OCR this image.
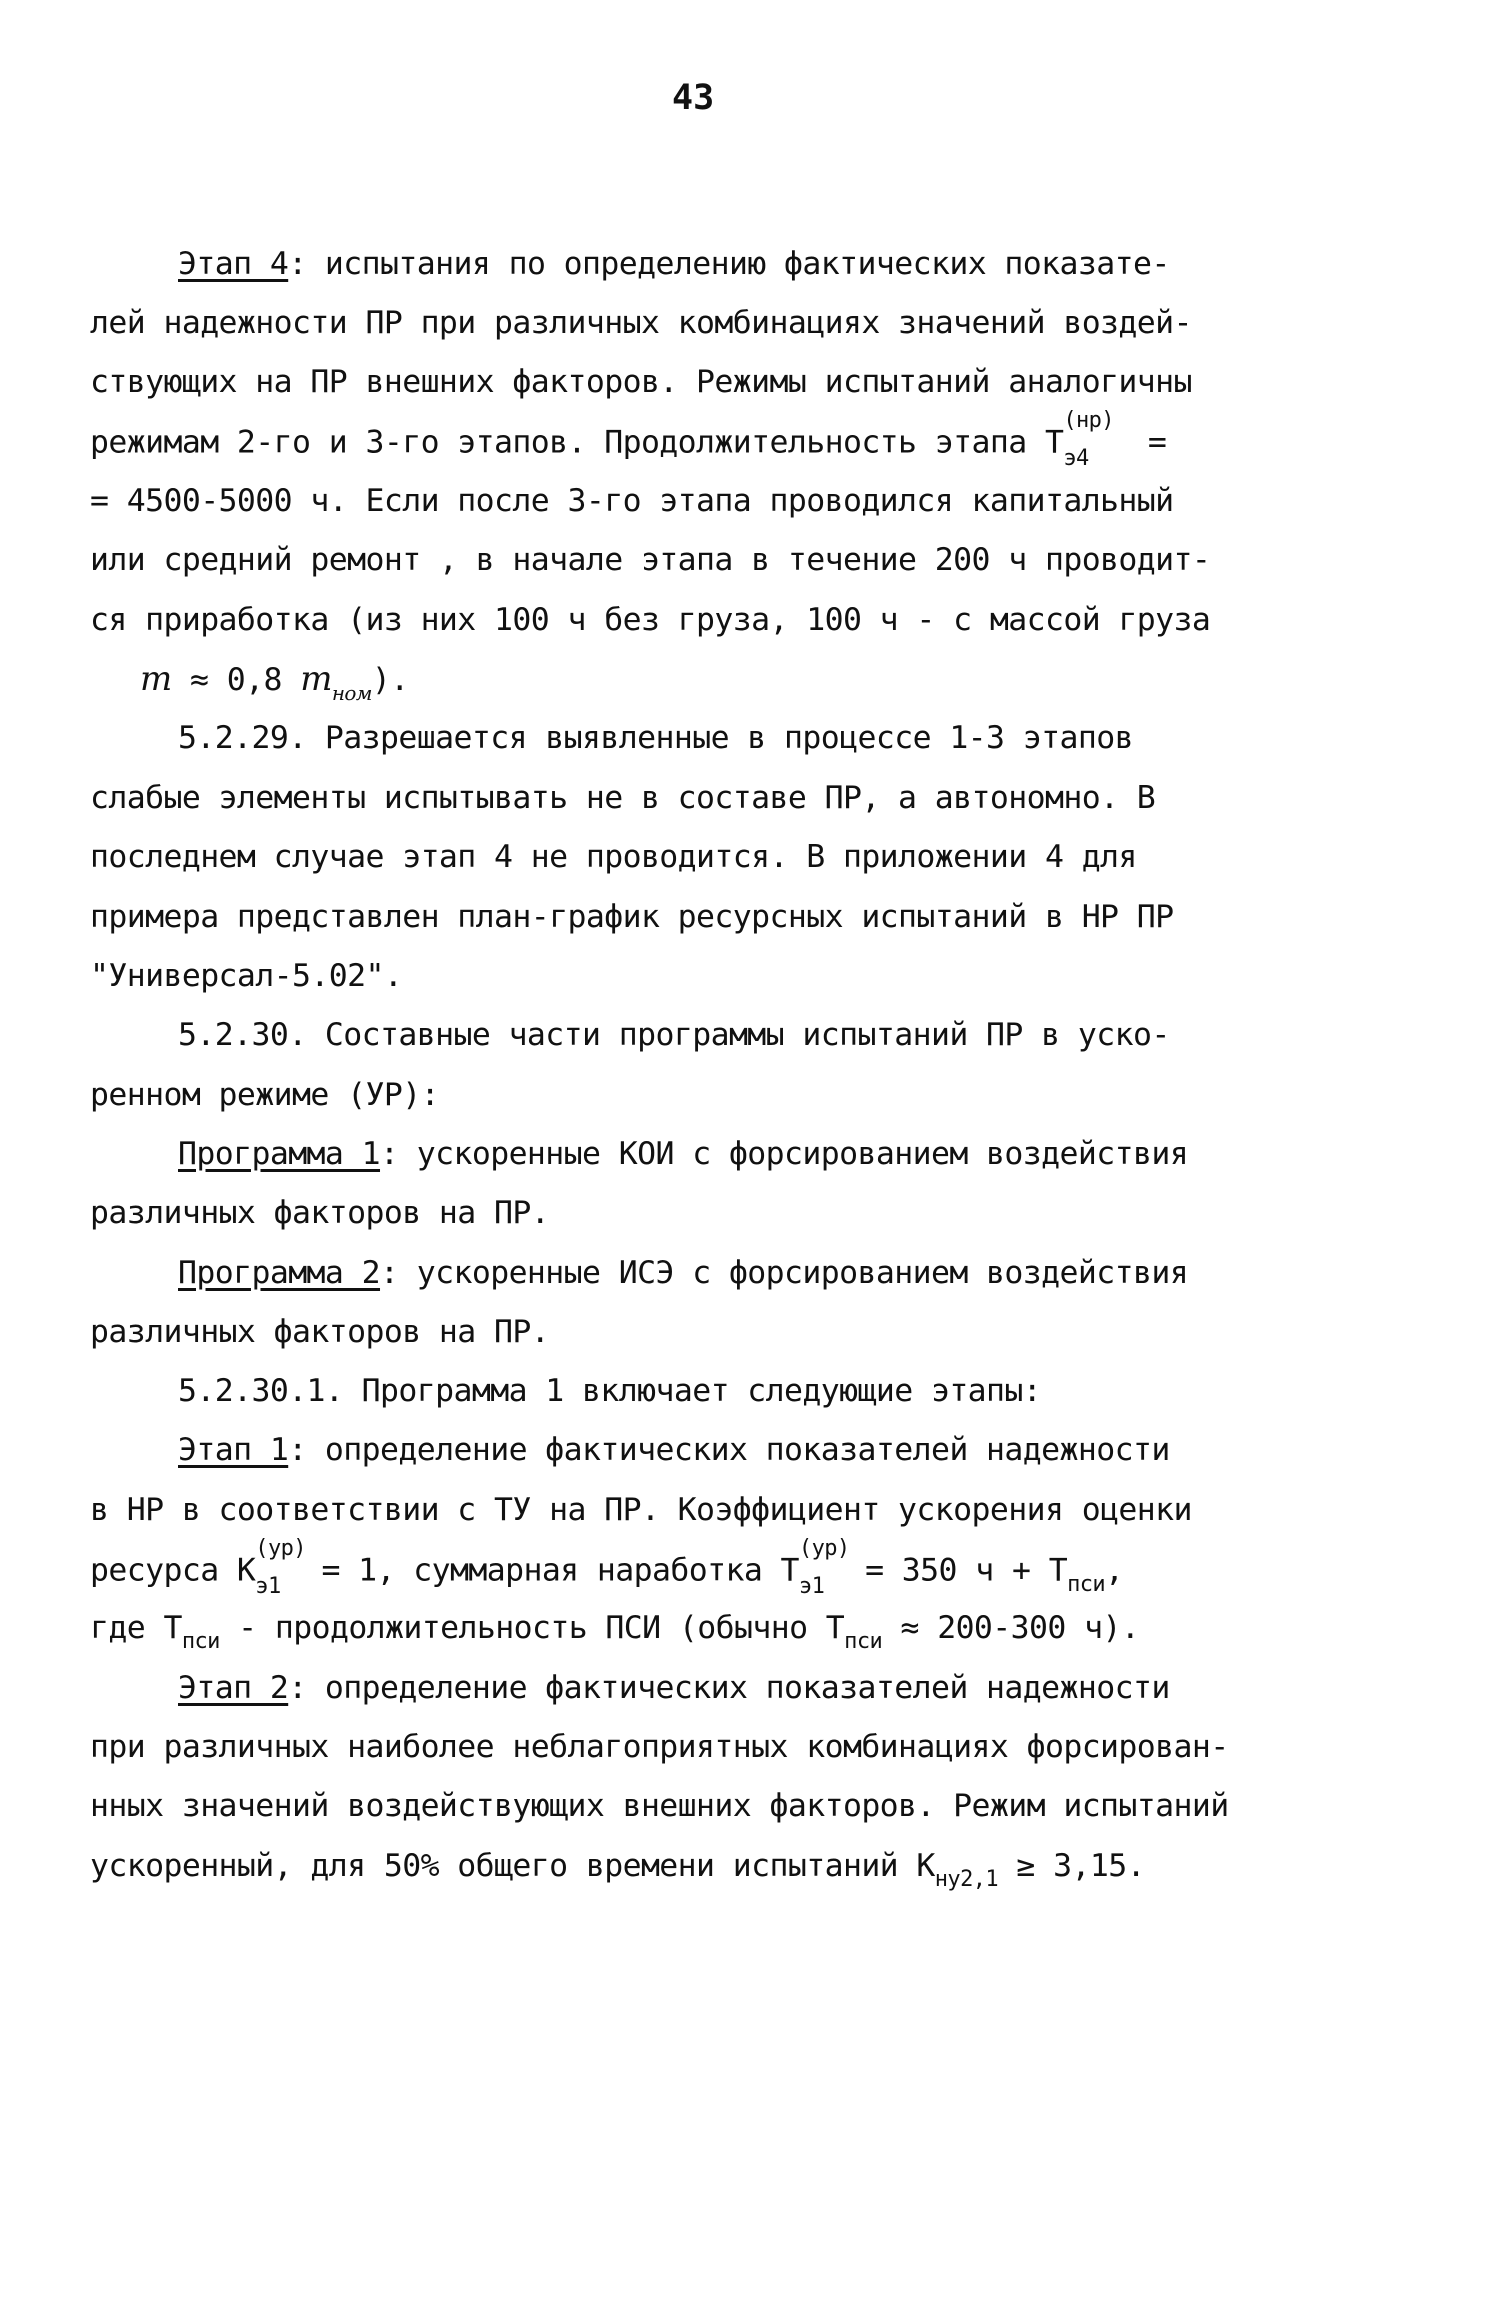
43
Этап 4: испытания по определению фактических показате-
лей надежности ПР при различных комбинациях значений воздей-
ствующих на ПР внешних факторов. Режимы испытаний аналогичны
режимам 2-го и 3-го этапов. Продолжительность этапа Т
(нр)
э4 =
= 4500-5000 ч. Если после 3-го этапа проводился капитальный
или средний ремонт , в начале этапа в течение 200 ч проводит-
ся приработка (из них 100 ч без груза, 100 ч - с массой груза
m ≈ 0,8 $m_{ном}$).
5.2.29. Разрешается выявленные в процессе 1-3 этапов
слабые элементы испытывать не в составе ПР, а автономно. В
последнем случае этап 4 не проводится. В приложении 4 для
примера представлен план-график ресурсных испытаний в НР ПР
"Универсал-5.02".
5.2.30. Составные части программы испытаний ПР в уско-
ренном режиме (УР):
Программа 1: ускоренные КОИ с форсированием воздействия
различных факторов на ПР.
Программа 2: ускоренные ИСЭ с форсированием воздействия
различных факторов на ПР.
5.2.30.1. Программа 1 включает следующие этапы:
Этап 1: определение фактических показателей надежности
в НР в соответствии с ТУ на ПР. Коэффициент ускорения оценки
ресурса К
(ур)
э1 = 1, суммарная наработка Т
(ур)
э1 = 350 $ч + Т_{пси}$,
где $Т_{пси}$ - продолжительность ПСИ (обычно $Т_{пси} \approx 200-300$ ч).
Этап 2: определение фактических показателей надежности
при различных наиболее неблагоприятных комбинациях форсирован-
нных значений воздействующих внешних факторов. Режим испытаний
ускоренный, для 50% общего времени испытаний $К_{ну2,1} \ge 3,15$.
